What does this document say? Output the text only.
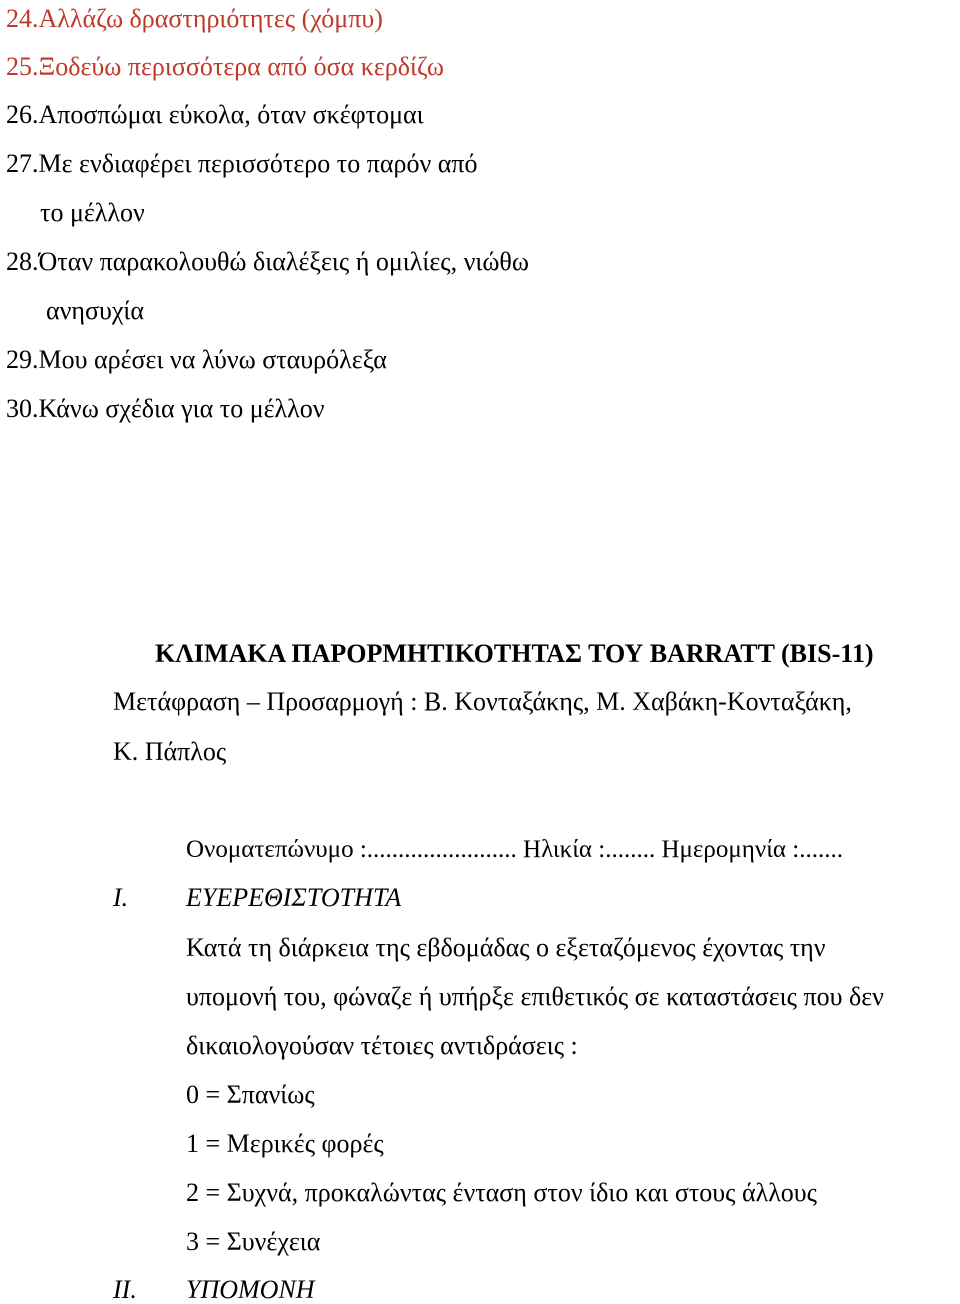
24.Αλλάζω δραστηριότητες (χόμπυ)
25.Ξοδεύω περισσότερα από όσα κερδίζω
26.Αποσπώμαι εύκολα, όταν σκέφτομαι
27.Με ενδιαφέρει περισσότερο το παρόν από
το μέλλον
28.Όταν παρακολουθώ διαλέξεις ή ομιλίες, νιώθω
ανησυχία
29.Μου αρέσει να λύνω σταυρόλεξα
30.Κάνω σχέδια για το μέλλον
ΚΛΙΜΑΚΑ ΠΑΡΟΡΜΗΤΙΚΟΤΗΤΑΣ ΤΟΥ BARRATT (BIS-11)
Μετάφραση – Προσαρμογή : Β. Κονταξάκης, Μ. Χαβάκη-Κονταξάκη,
Κ. Πάπλος
Ονοματεπώνυμο :........................ Ηλικία :........ Ημερομηνία :.......
I. ΕΥΕΡΕΘΙΣΤΟΤΗΤΑ
Κατά τη διάρκεια της εβδομάδας ο εξεταζόμενος έχοντας την
υπομονή του, φώναζε ή υπήρξε επιθετικός σε καταστάσεις που δεν
δικαιολογούσαν τέτοιες αντιδράσεις :
0 = Σπανίως
1 = Μερικές φορές
2 = Συχνά, προκαλώντας ένταση στον ίδιο και στους άλλους
3 = Συνέχεια
II. ΥΠΟΜΟΝΗ
